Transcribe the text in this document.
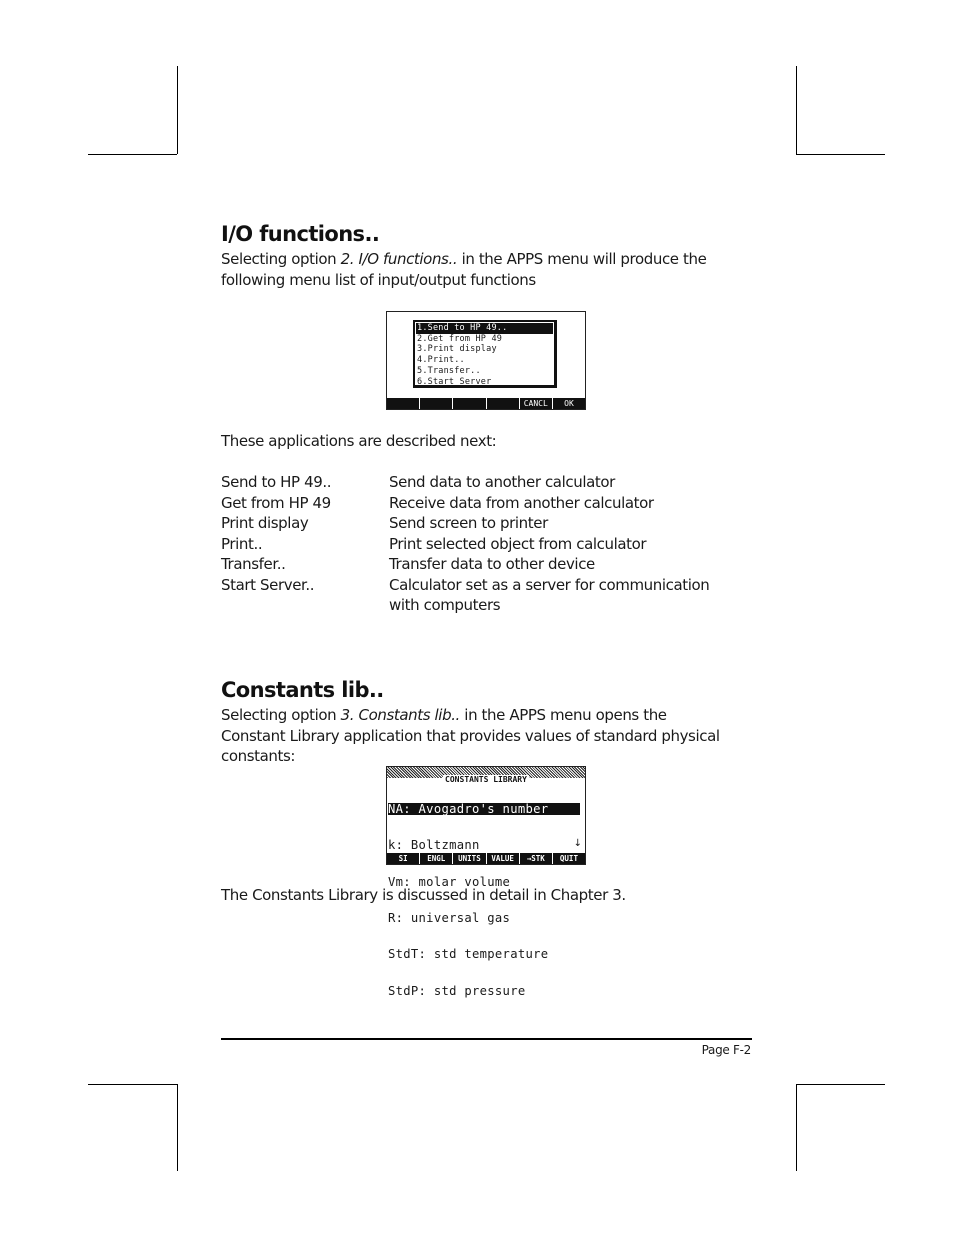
I/O functions..

Selecting option 2. I/O functions.. in the APPS menu will produce the following menu list of input/output functions

1.Send to HP 49..
2.Get from HP 49
3.Print display
4.Print..
5.Transfer..
6.Start Server
CANCL	OK

These applications are described next:

Send to HP 49..	Send data to another calculator
Get from HP 49	Receive data from another calculator
Print display	Send screen to printer
Print..	Print selected object from calculator
Transfer..	Transfer data to other device
Start Server..	Calculator set as a server for communication with computers
Constants lib..

Selecting option 3. Constants lib.. in the APPS menu opens the Constant Library application that provides values of standard physical constants:

CONSTANTS LIBRARY

NA: Avogadro's number

k: Boltzmann

Vm: molar volume

R: universal gas

StdT: std temperature

StdP: std pressure

↓
SI	ENGL	UNITS	VALUE	→STK	QUIT

The Constants Library is discussed in detail in Chapter 3.

Page F-2
